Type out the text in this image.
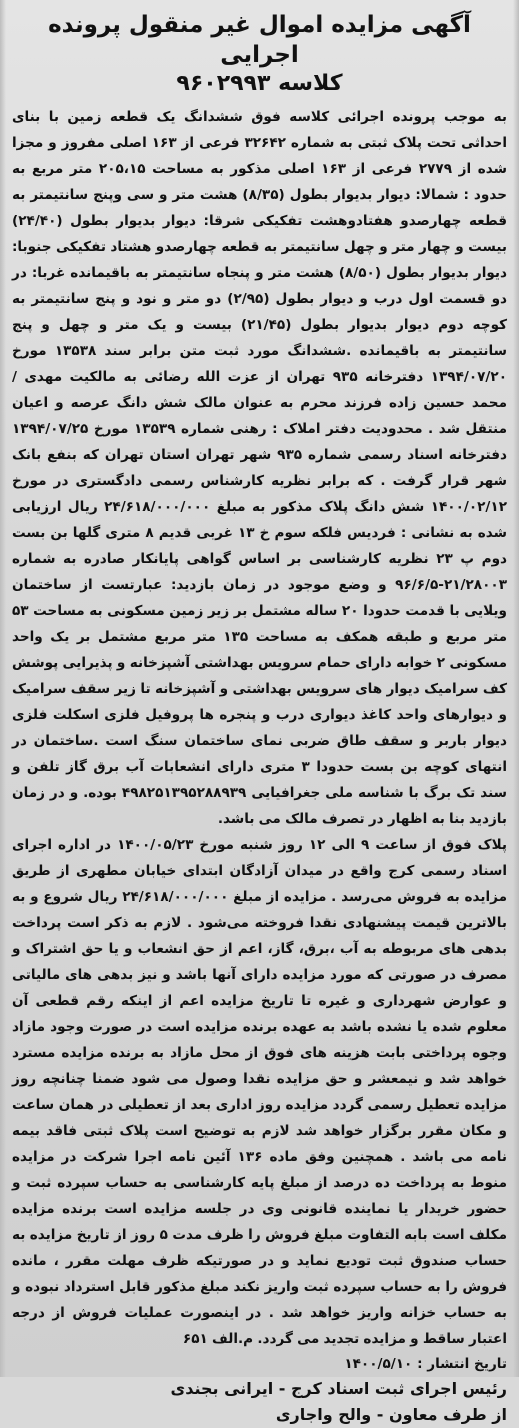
آگهی مزایده اموال غیر منقول پرونده اجرایی
کلاسه ۹۶۰۲۹۹۳

به موجب پرونده اجرائی کلاسه فوق ششدانگ یک قطعه زمین با بنای احداثی تحت پلاک ثبتی به شماره ۳۲۶۴۲ فرعی از ۱۶۳ اصلی مفروز و مجزا شده از ۲۷۷۹ فرعی از ۱۶۳ اصلی مذکور به مساحت ۲۰۵،۱۵ متر مربع به حدود : شمالا: دیوار بدیوار بطول (۸/۳۵) هشت متر و سی وپنج سانتیمتر به قطعه چهارصدو هفتادوهشت تفکیکی شرقا: دیوار بدیوار بطول (۲۴/۴۰) بیست و چهار متر و چهل سانتیمتر به قطعه چهارصدو هشتاد تفکیکی جنوبا: دیوار بدیوار بطول (۸/۵۰) هشت متر و پنجاه سانتیمتر به باقیمانده غربا: در دو قسمت اول درب و دیوار بطول (۲/۹۵) دو متر و نود و پنج سانتیمتر به کوچه دوم دیوار بدیوار بطول (۲۱/۴۵) بیست و یک متر و چهل و پنج سانتیمتر به باقیمانده .ششدانگ مورد ثبت متن برابر سند ۱۳۵۳۸ مورخ ۱۳۹۴/۰۷/۲۰ دفترخانه ۹۳۵ تهران از عزت الله رضائی به مالکیت مهدی / محمد حسین زاده فرزند محرم به عنوان مالک شش دانگ عرصه و اعیان منتقل شد . محدودیت دفتر املاک : رهنی شماره ۱۳۵۳۹ مورخ ۱۳۹۴/۰۷/۲۵ دفترخانه اسناد رسمی شماره ۹۳۵ شهر تهران استان تهران که بنفع بانک شهر قرار گرفت . که برابر نظریه کارشناس رسمی دادگستری در مورخ ۱۴۰۰/۰۲/۱۲ شش دانگ پلاک مذکور به مبلغ ۲۴/۶۱۸/۰۰۰/۰۰۰ ریال ارزیابی شده به نشانی : فردیس فلکه سوم خ ۱۳ غربی قدیم ۸ متری گلها بن بست دوم پ ۲۳ نظریه کارشناسی بر اساس گواهی پایانکار صادره به شماره ۲۱/۲۸۰۰۳-۹۶/۶/۵ و وضع موجود در زمان بازدید: عبارتست از ساختمان ویلایی با قدمت حدودا ۲۰ ساله مشتمل بر زیر زمین مسکونی به مساحت ۵۳ متر مربع و طبقه همکف به مساحت ۱۳۵ متر مربع مشتمل بر یک واحد مسکونی ۲ خوابه دارای حمام سرویس بهداشتی آشپزخانه و پذیرایی پوشش کف سرامیک دیوار های سرویس بهداشتی و آشپزخانه تا زیر سقف سرامیک و دیوارهای واحد کاغذ دیواری درب و پنجره ها پروفیل فلزی اسکلت فلزی دیوار باربر و سقف طاق ضربی نمای ساختمان سنگ است .ساختمان در انتهای کوچه بن بست حدودا ۳ متری دارای انشعابات آب برق گاز تلفن و سند تک برگ با شناسه ملی جغرافیایی ۴۹۸۲۵۱۳۹۵۲۸۸۹۳۹ بوده. و در زمان بازدید بنا به اظهار در تصرف مالک می باشد.

پلاک فوق از ساعت ۹ الی ۱۲ روز شنبه مورخ ۱۴۰۰/۰۵/۲۳ در اداره اجرای اسناد رسمی کرج واقع در میدان آزادگان ابتدای خیابان مطهری از طریق مزایده به فروش می‌رسد . مزایده از مبلغ ۲۴/۶۱۸/۰۰۰/۰۰۰ ریال شروع و به بالاترین قیمت پیشنهادی نقدا فروخته می‌شود . لازم به ذکر است پرداخت بدهی های مربوطه به آب ،برق، گاز، اعم از حق انشعاب و یا حق اشتراک و مصرف در صورتی که مورد مزایده دارای آنها باشد و نیز بدهی های مالیاتی و عوارض شهرداری و غیره تا تاریخ مزایده اعم از اینکه رقم قطعی آن معلوم شده یا نشده باشد به عهده برنده مزایده است در صورت وجود مازاد وجوه پرداختی بابت هزینه های فوق از محل مازاد به برنده مزایده مسترد خواهد شد و نیمعشر و حق مزایده نقدا وصول می شود ضمنا چنانچه روز مزایده تعطیل رسمی گردد مزایده روز اداری بعد از تعطیلی در همان ساعت و مکان مقرر برگزار خواهد شد لازم به توضیح است پلاک ثبتی فاقد بیمه نامه می باشد . همچنین وفق ماده ۱۳۶ آئین نامه اجرا شرکت در مزایده منوط به پرداخت ده درصد از مبلغ پایه کارشناسی به حساب سپرده ثبت و حضور خریدار یا نماینده قانونی وی در جلسه مزایده است برنده مزایده مکلف است بابه التفاوت مبلغ فروش را ظرف مدت ۵ روز از تاریخ مزایده به حساب صندوق ثبت تودیع نماید و در صورتیکه ظرف مهلت مقرر ، مانده فروش را به حساب سپرده ثبت واریز نکند مبلغ مذکور قابل استرداد نبوده و به حساب خزانه واریز خواهد شد . در اینصورت عملیات فروش از درجه اعتبار ساقط و مزایده تجدید می گردد. م.الف ۶۵۱

تاریخ انتشار : ۱۴۰۰/۵/۱۰

رئیس اجرای ثبت اسناد کرج - ایرانی بجندی

از طرف معاون - والح واجاری
